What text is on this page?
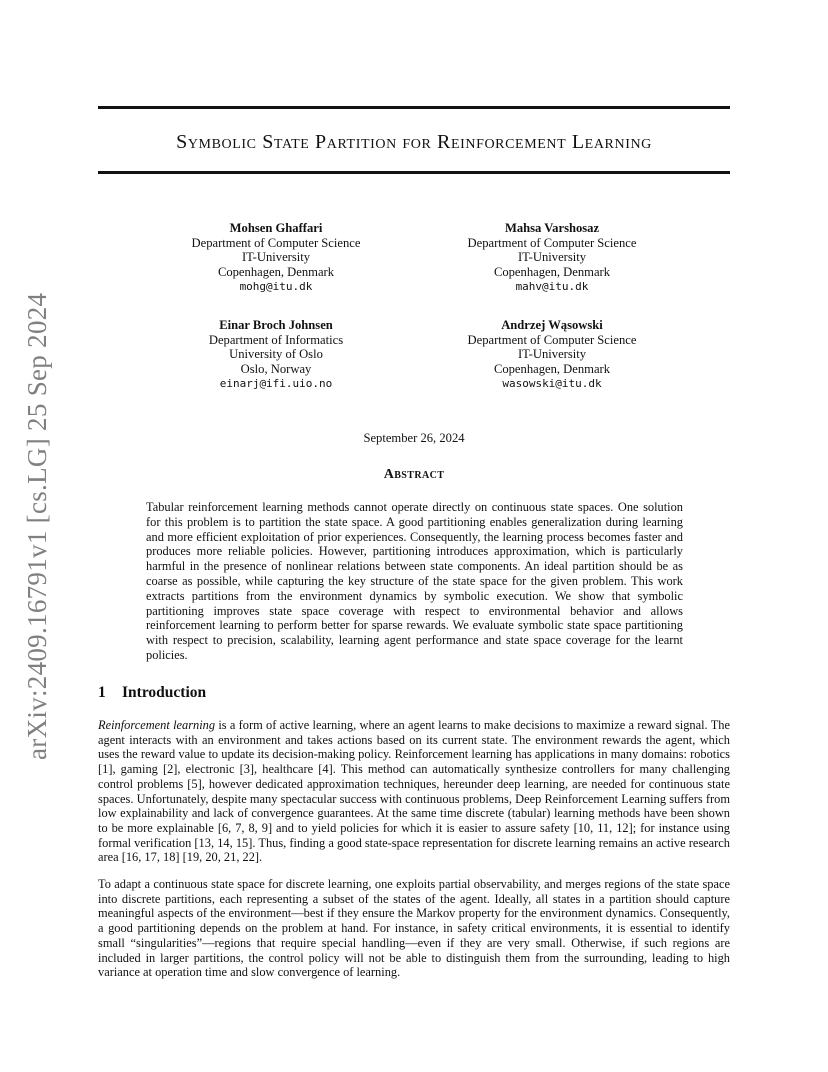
arXiv:2409.16791v1 [cs.LG] 25 Sep 2024
Symbolic State Partition for Reinforcement Learning
Mohsen Ghaffari
Department of Computer Science
IT-University
Copenhagen, Denmark
mohg@itu.dk
Mahsa Varshosaz
Department of Computer Science
IT-University
Copenhagen, Denmark
mahv@itu.dk
Einar Broch Johnsen
Department of Informatics
University of Oslo
Oslo, Norway
einarj@ifi.uio.no
Andrzej Wąsowski
Department of Computer Science
IT-University
Copenhagen, Denmark
wasowski@itu.dk
September 26, 2024
Abstract
Tabular reinforcement learning methods cannot operate directly on continuous state spaces. One solution for this problem is to partition the state space. A good partitioning enables generalization during learning and more efficient exploitation of prior experiences. Consequently, the learning process becomes faster and produces more reliable policies. However, partitioning introduces approximation, which is particularly harmful in the presence of nonlinear relations between state components. An ideal partition should be as coarse as possible, while capturing the key structure of the state space for the given problem. This work extracts partitions from the environment dynamics by symbolic execution. We show that symbolic partitioning improves state space coverage with respect to environmental behavior and allows reinforcement learning to perform better for sparse rewards. We evaluate symbolic state space partitioning with respect to precision, scalability, learning agent performance and state space coverage for the learnt policies.
1 Introduction
Reinforcement learning is a form of active learning, where an agent learns to make decisions to maximize a reward signal. The agent interacts with an environment and takes actions based on its current state. The environment rewards the agent, which uses the reward value to update its decision-making policy. Reinforcement learning has applications in many domains: robotics [1], gaming [2], electronic [3], healthcare [4]. This method can automatically synthesize controllers for many challenging control problems [5], however dedicated approximation techniques, hereunder deep learning, are needed for continuous state spaces. Unfortunately, despite many spectacular success with continuous problems, Deep Reinforcement Learning suffers from low explainability and lack of convergence guarantees. At the same time discrete (tabular) learning methods have been shown to be more explainable [6, 7, 8, 9] and to yield policies for which it is easier to assure safety [10, 11, 12]; for instance using formal verification [13, 14, 15]. Thus, finding a good state-space representation for discrete learning remains an active research area [16, 17, 18] [19, 20, 21, 22].
To adapt a continuous state space for discrete learning, one exploits partial observability, and merges regions of the state space into discrete partitions, each representing a subset of the states of the agent. Ideally, all states in a partition should capture meaningful aspects of the environment—best if they ensure the Markov property for the environment dynamics. Consequently, a good partitioning depends on the problem at hand. For instance, in safety critical environments, it is essential to identify small “singularities”—regions that require special handling—even if they are very small. Otherwise, if such regions are included in larger partitions, the control policy will not be able to distinguish them from the surrounding, leading to high variance at operation time and slow convergence of learning.
